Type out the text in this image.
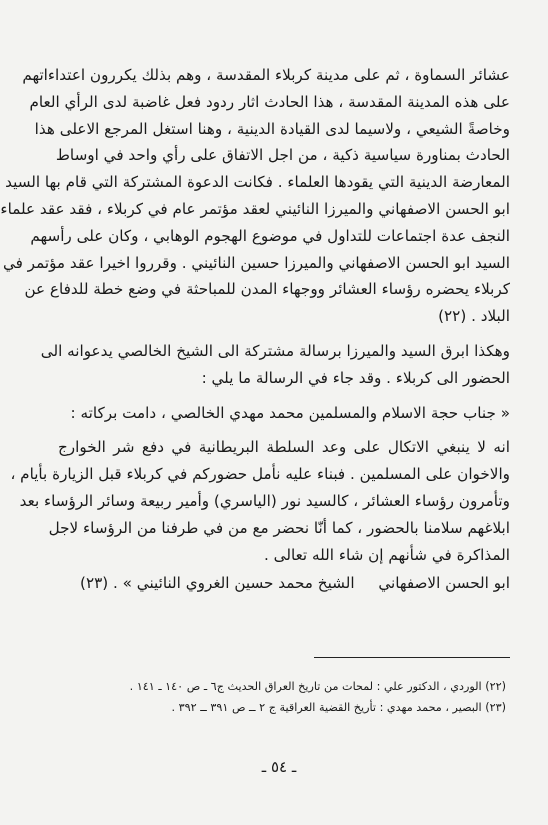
عشائر السماوة ، ثم على مدينة كربلاء المقدسة ، وهم بذلك يكررون اعتداءاتهم
على هذه المدينة المقدسة ، هذا الحادث اثار ردود فعل غاضبة لدى الرأي العام
وخاصةً الشيعي ، ولاسيما لدى القيادة الدينية ، وهنا استغل المرجع الاعلى هذا
الحادث بمناورة سياسية ذكية ، من اجل الاتفاق على رأي واحد في اوساط
المعارضة الدينية التي يقودها العلماء . فكانت الدعوة المشتركة التي قام بها السيد
ابو الحسن الاصفهاني والميرزا النائيني لعقد مؤتمر عام في كربلاء ، فقد عقد علماء
النجف عدة اجتماعات للتداول في موضوع الهجوم الوهابي ، وكان على رأسهم
السيد ابو الحسن الاصفهاني والميرزا حسين النائيني . وقرروا اخيرا عقد مؤتمر في
كربلاء يحضره رؤساء العشائر ووجهاء المدن للمباحثة في وضع خطة للدفاع عن
البلاد . (٢٢)
وهكذا ابرق السيد والميرزا برسالة مشتركة الى الشيخ الخالصي يدعوانه الى
الحضور الى كربلاء . وقد جاء في الرسالة ما يلي :
« جناب حجة الاسلام والمسلمين محمد مهدي الخالصي ، دامت بركاته :
انه لا ينبغي الاتكال على وعد السلطة البريطانية في دفع شر الخوارج
والاخوان على المسلمين . فبناء عليه نأمل حضوركم في كربلاء قبل الزيارة بأيام ،
وتأمرون رؤساء العشائر ، كالسيد نور (الياسري) وأمير ربيعة وسائر الرؤساء بعد
ابلاغهم سلامنا بالحضور ، كما أنّا نحضر مع من في طرفنا من الرؤساء لاجل
المذاكرة في شأنهم إن شاء الله تعالى .
ابو الحسن الاصفهاني
الشيخ محمد حسين الغروي النائيني » . (٢٣)
(٢٢) الوردي ، الدكتور علي : لمحات من تاريخ العراق الحديث ج٦ ـ ص ١٤٠ ـ ١٤١ .
(٢٣) البصير ، محمد مهدي : تأريخ القضية العراقية ج ٢ ــ ص ٣٩١ ــ ٣٩٢ .
ـ ٥٤ ـ
